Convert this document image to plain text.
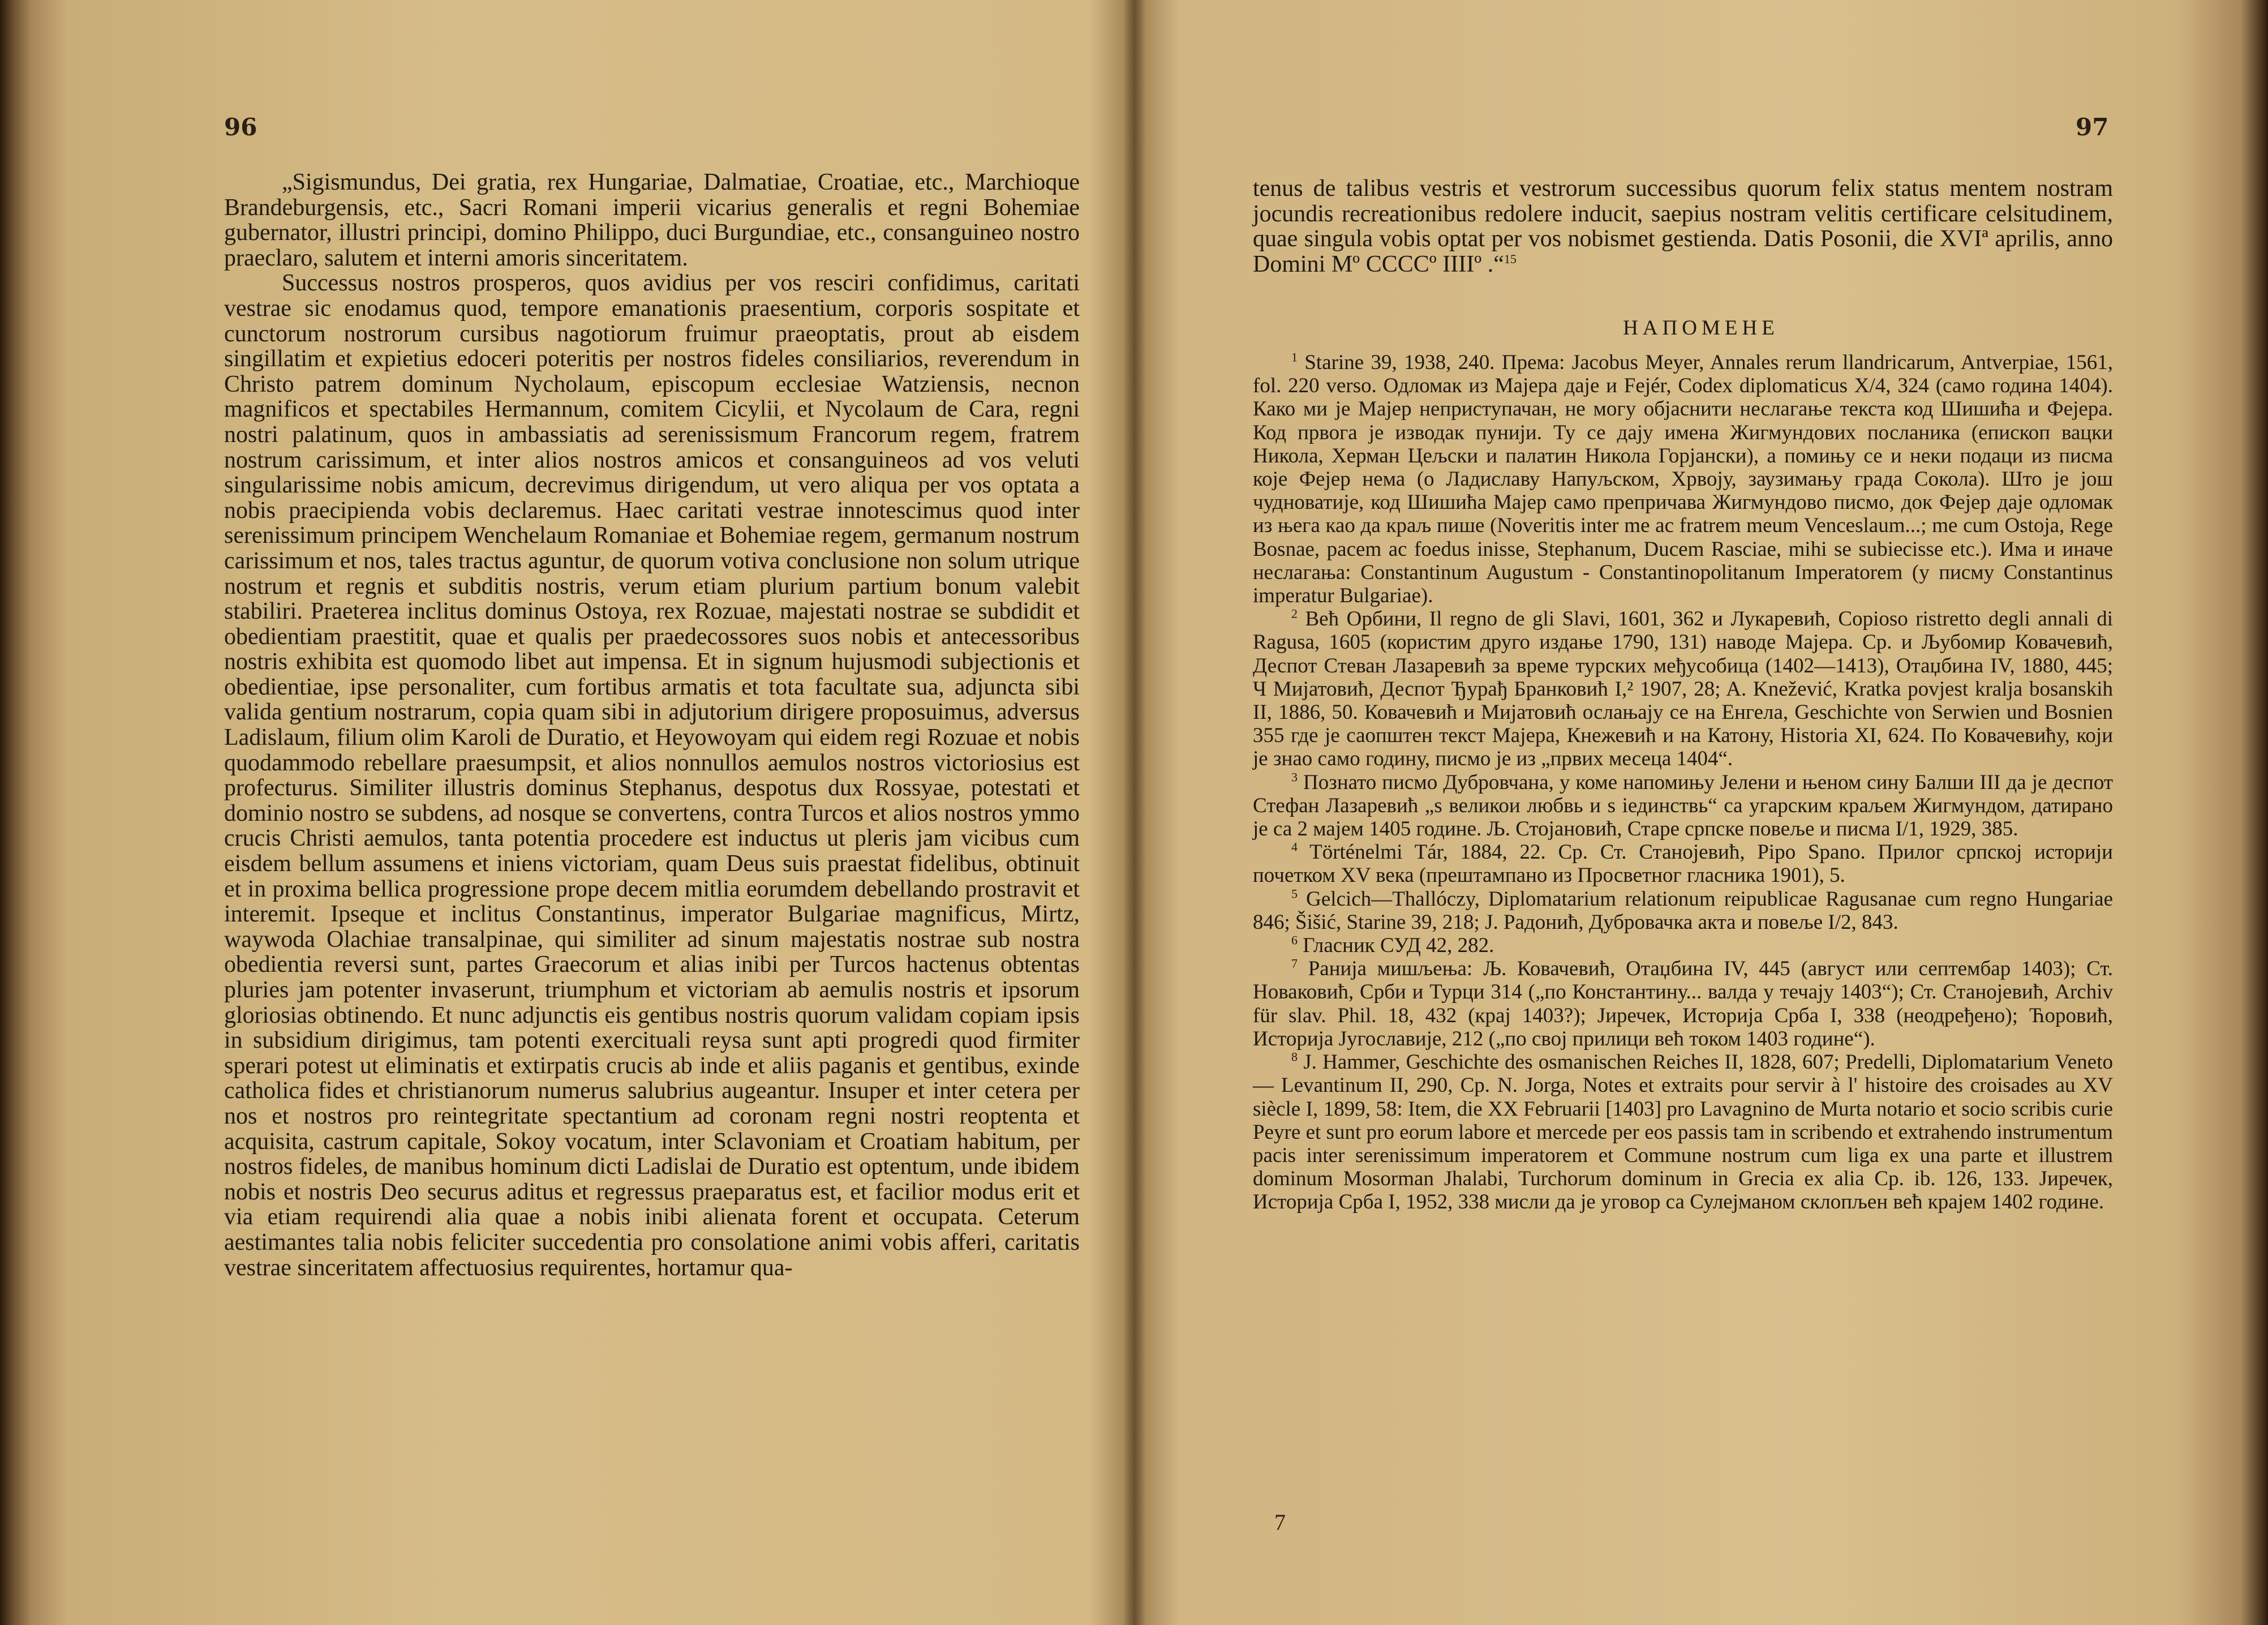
96

„Sigismundus, Dei gratia, rex Hungariae, Dalmatiae, Croatiae, etc., Marchioque Brandeburgensis, etc., Sacri Romani imperii vicarius generalis et regni Bohemiae gubernator, illustri principi, domino Philippo, duci Burgundiae, etc., consanguineo nostro praeclaro, salutem et interni amoris sinceritatem.

Successus nostros prosperos, quos avidius per vos resciri confidimus, caritati vestrae sic enodamus quod, tempore emanationis praesentium, corporis sospitate et cunctorum nostrorum cursibus nagotiorum fruimur praeoptatis, prout ab eisdem singillatim et expietius edoceri poteritis per nostros fideles consiliarios, reverendum in Christo patrem dominum Nycholaum, episcopum ecclesiae Watziensis, necnon magnificos et spectabiles Hermannum, comitem Cicylii, et Nycolaum de Cara, regni nostri palatinum, quos in ambassiatis ad serenissismum Francorum regem, fratrem nostrum carissimum, et inter alios nostros amicos et consanguineos ad vos veluti singularissime nobis amicum, decrevimus dirigendum, ut vero aliqua per vos optata a nobis praecipienda vobis declaremus. Haec caritati vestrae innotescimus quod inter serenissimum principem Wenchelaum Romaniae et Bohemiae regem, germanum nostrum carissimum et nos, tales tractus aguntur, de quorum votiva conclusione non solum utrique nostrum et regnis et subditis nostris, verum etiam plurium partium bonum valebit stabiliri. Praeterea inclitus dominus Ostoya, rex Rozuae, majestati nostrae se subdidit et obedientiam praestitit, quae et qualis per praedecossores suos nobis et antecessoribus nostris exhibita est quomodo libet aut impensa. Et in signum hujusmodi subjectionis et obedientiae, ipse personaliter, cum fortibus armatis et tota facultate sua, adjuncta sibi valida gentium nostrarum, copia quam sibi in adjutorium dirigere proposuimus, adversus Ladislaum, filium olim Karoli de Duratio, et Heyowoyam qui eidem regi Rozuae et nobis quodammodo rebellare praesumpsit, et alios nonnullos aemulos nostros victoriosius est profecturus. Similiter illustris dominus Stephanus, despotus dux Rossyae, potestati et dominio nostro se subdens, ad nosque se convertens, contra Turcos et alios nostros ymmo crucis Christi aemulos, tanta potentia procedere est inductus ut pleris jam vicibus cum eisdem bellum assumens et iniens victoriam, quam Deus suis praestat fidelibus, obtinuit et in proxima bellica progressione prope decem mitlia eorumdem debellando prostravit et interemit. Ipseque et inclitus Constantinus, imperator Bulgariae magnificus, Mirtz, waywoda Olachiae transalpinae, qui similiter ad sinum majestatis nostrae sub nostra obedientia reversi sunt, partes Graecorum et alias inibi per Turcos hactenus obtentas pluries jam potenter invaserunt, triumphum et victoriam ab aemulis nostris et ipsorum gloriosias obtinendo. Et nunc adjunctis eis gentibus nostris quorum validam copiam ipsis in subsidium dirigimus, tam potenti exercituali reysa sunt apti progredi quod firmiter sperari potest ut eliminatis et extirpatis crucis ab inde et aliis paganis et gentibus, exinde catholica fides et christianorum numerus salubrius augeantur. Insuper et inter cetera per nos et nostros pro reintegritate spectantium ad coronam regni nostri reoptenta et acquisita, castrum capitale, Sokoy vocatum, inter Sclavoniam et Croatiam habitum, per nostros fideles, de manibus hominum dicti Ladislai de Duratio est optentum, unde ibidem nobis et nostris Deo securus aditus et regressus praeparatus est, et facilior modus erit et via etiam requirendi alia quae a nobis inibi alienata forent et occupata. Ceterum aestimantes talia nobis feliciter succedentia pro consolatione animi vobis afferi, caritatis vestrae sinceritatem affectuosius requirentes, hortamur qua-

97

tenus de talibus vestris et vestrorum successibus quorum felix status mentem nostram jocundis recreationibus redolere inducit, saepius nostram velitis certificare celsitudinem, quae singula vobis optat per vos nobismet gestienda. Datis Posonii, die XVIª aprilis, anno Domini Mº CCCCº IIIIº .“$^{15}$

$^1$ Starine 39, 1938, 240. Према: Jacobus Meyer, Annales rerum llandricarum, Antverpiae, 1561, fol. 220 verso. Одломак из Мајера даје и Fejér, Codex diplomaticus X/4, 324 (само година 1404). Како ми је Мајер неприступачан, не могу објаснити неслагање текста код Шишића и Фејера. Код првога је изводак пунији. Ту се дају имена Жигмундових посланика (епископ вацки Никола, Херман Цељски и палатин Никола Горјански), а помињу се и неки подаци из писма које Фејер нема (о Ладиславу Напуљском, Хрвоју, заузимању града Сокола). Што је још чудноватије, код Шишића Мајер само препричава Жигмундово писмо, док Фејер даје одломак из њега као да краљ пише (Noveritis inter me ac fratrem meum Venceslaum...; me cum Ostoja, Rege Bosnae, pacem ac foedus inisse, Stephanum, Ducem Rasciae, mihi se subiecisse etc.). Има и иначе неслагања: Constantinum Augustum - Constantinopolitanum Imperatorem (у писму Constantinus imperatur Bulgariae).

$^2$ Вeћ Орбини, Il regno de gli Slavi, 1601, 362 и Лукаревић, Copioso ristretto degli annali di Ragusa, 1605 (користим друго издање 1790, 131) наводе Мајера. Ср. и Љубомир Ковачевић, Деспот Стеван Лазаревић за време турских међусобица (1402—1413), Отаџбина IV, 1880, 445; Ч Мијатовић, Деспот Ђурађ Бранковић I,² 1907, 28; A. Knežević, Kratka povjest kralja bosanskih II, 1886, 50. Ковачевић и Мијатовић ослањају се на Енгела, Geschichte von Serwien und Bosnien 355 где је саопштен текст Мајера, Кнежевић и на Катону, Historia XI, 624. По Ковачевићу, који је знао само годину, писмо је из „првих месеца 1404“.

$^3$ Познато писмо Дубровчана, у коме напомињу Јелени и њеном сину Балши III да је деспот Стефан Лазаревић „s великои любвь и s iединствь“ са угарским краљем Жигмундом, датирано је са 2 мајем 1405 године. Љ. Стојановић, Старе српске повеље и писма I/1, 1929, 385.

$^4$ Történelmi Tár, 1884, 22. Ср. Ст. Станојевић, Pipo Spano. Прилог српској историји почетком XV века (прештампано из Просветног гласника 1901), 5.

$^5$ Gelcich—Thallóczy, Diplomatarium relationum reipublicae Ragusanae cum regno Hungariae 846; Šišić, Starine 39, 218; J. Радонић, Дубровачка акта и повеље I/2, 843.

$^6$ Гласник СУД 42, 282.

$^7$ Ранија мишљења: Љ. Ковачевић, Отаџбина IV, 445 (август или септембар 1403); Ст. Новаковић, Срби и Турци 314 („по Константину... валда у течају 1403“); Ст. Станојевић, Archiv für slav. Phil. 18, 432 (крај 1403?); Јиречек, Историја Срба I, 338 (неодређено); Ћоровић, Историја Југославије, 212 („по свој прилици већ током 1403 године“).

$^8$ J. Hammer, Geschichte des osmanischen Reiches II, 1828, 607; Predelli, Diplomatarium Veneto — Levantinum II, 290, Ср. N. Jorga, Notes et extraits pour servir à l' histoire des croisades au XV siècle I, 1899, 58: Item, die XX Februarii [1403] pro Lavagnino de Murta notario et socio scribis curie Peyre et sunt pro eorum labore et mercede per eos passis tam in scribendo et extrahendo instrumentum pacis inter serenissimum imperatorem et Commune nostrum cum liga ex una parte et illustrem dominum Mosorman Jhalabi, Turchorum dominum in Grecia ex alia Ср. ib. 126, 133. Јиречек, Историја Срба I, 1952, 338 мисли да је уговор са Сулејманом склопљен већ крајем 1402 године.

7
НАПОМЕНЕ
